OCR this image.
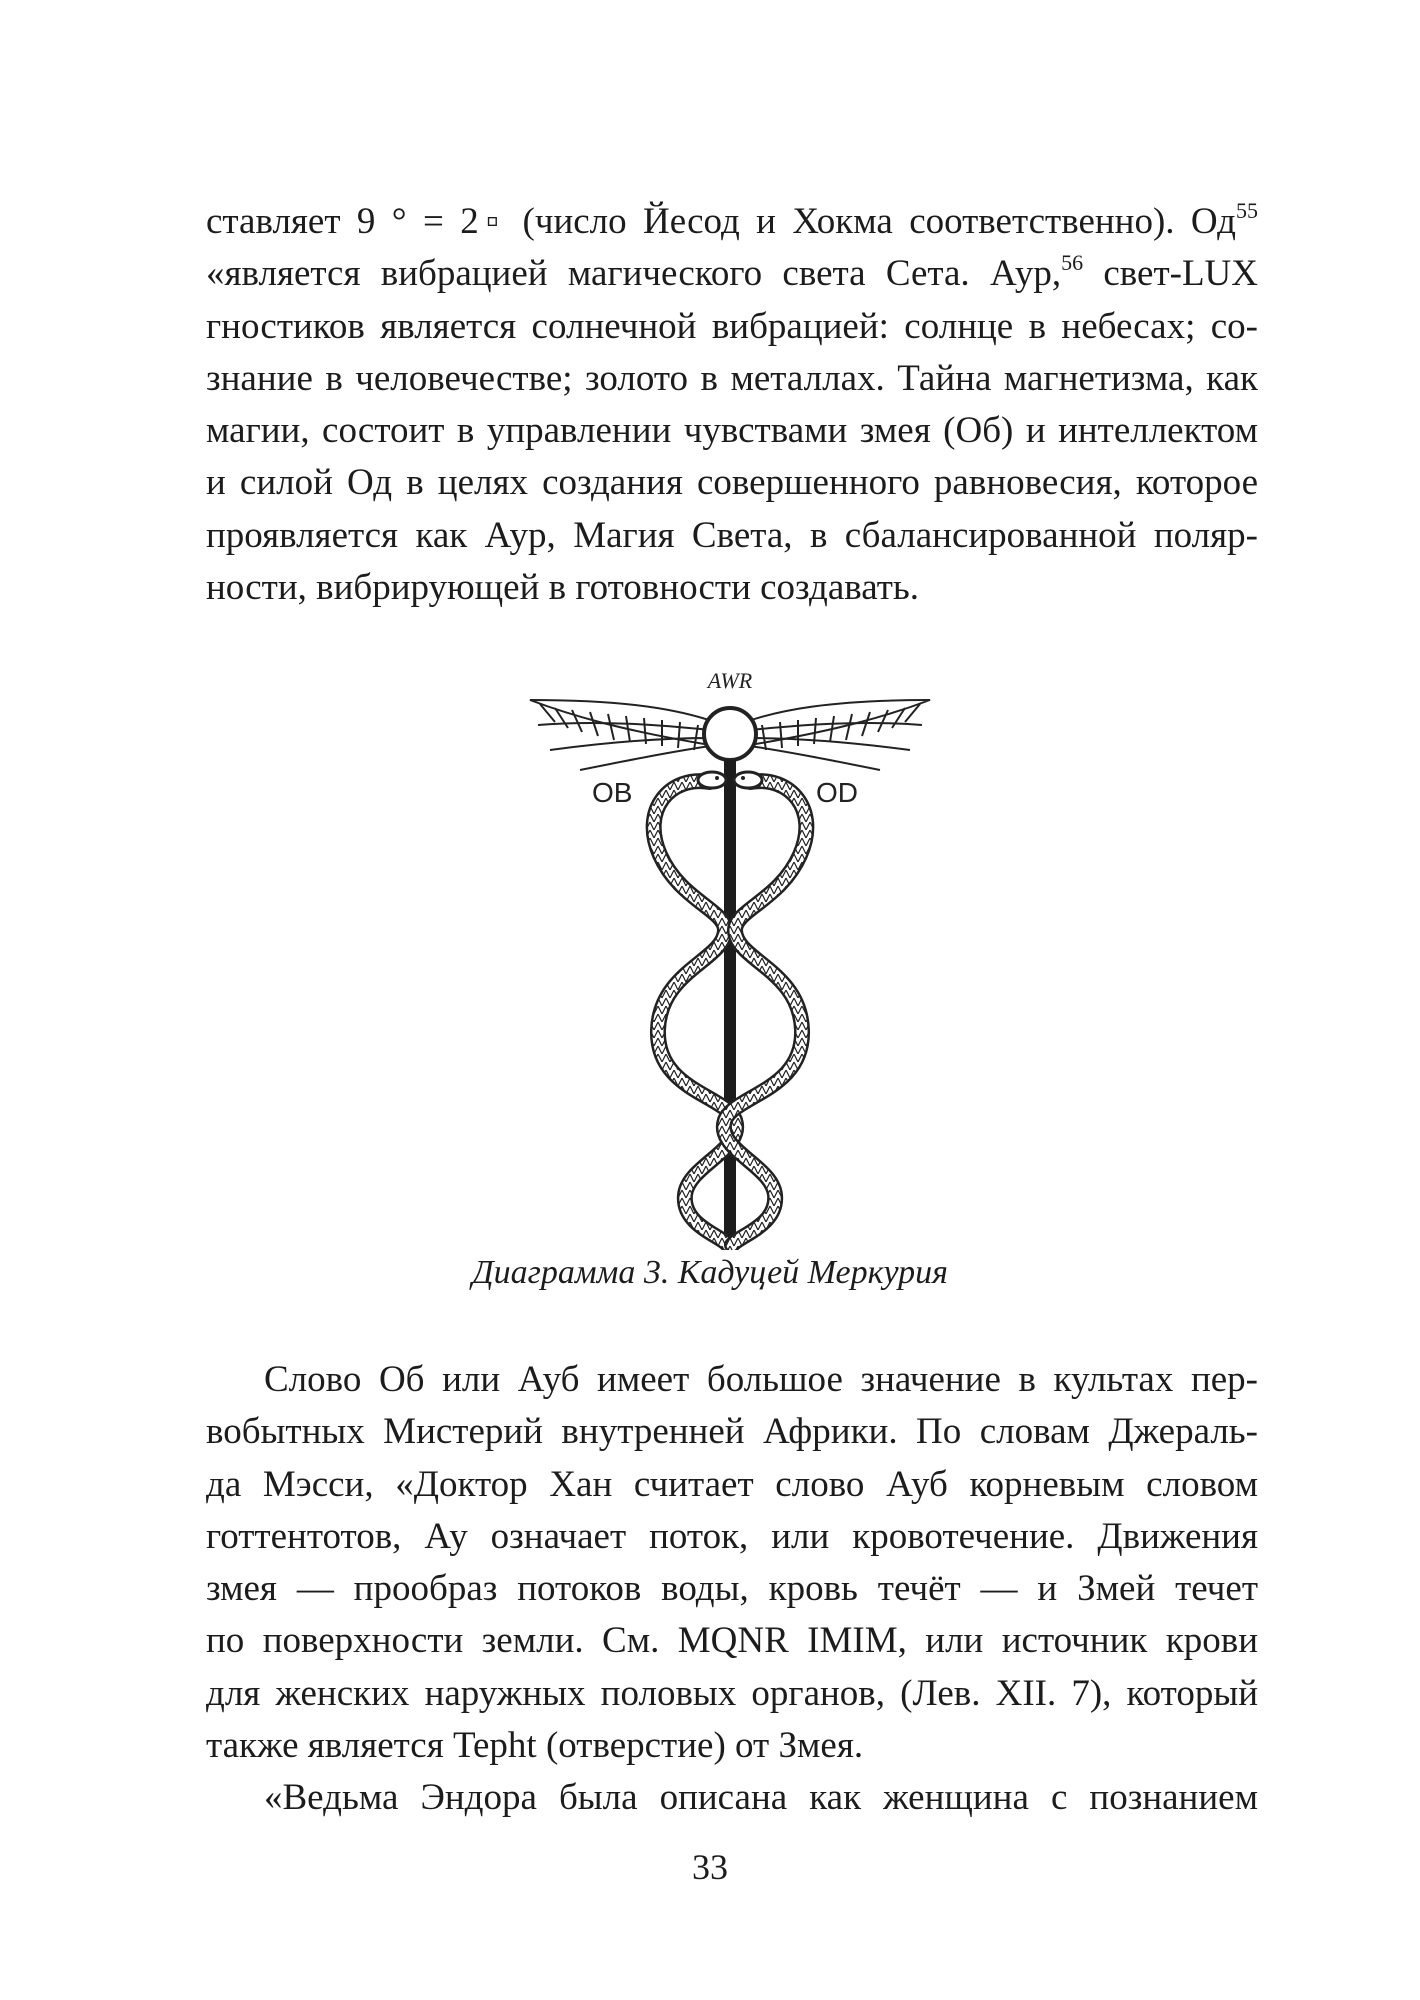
ставляет 9 ° = 2▫ (число Йесод и Хокма соответственно). $Од^{55}$
«является вибрацией магического света Сета. Аур,$^{56}$ свет-LUX
гностиков является солнечной вибрацией: солнце в небесах; со-
знание в человечестве; золото в металлах. Тайна магнетизма, как
магии, состоит в управлении чувствами змея (Об) и интеллектом
и силой Од в целях создания совершенного равновесия, которое
проявляется как Аур, Магия Света, в сбалансированной поляр-
ности, вибрирующей в готовности создавать.
AWR
OB	OD
Диаграмма 3. Кадуцей Меркурия
Слово Об или Ауб имеет большое значение в культах пер-
вобытных Мистерий внутренней Африки. По словам Джераль-
да Мэсси, «Доктор Хан считает слово Ауб корневым словом
готтентотов, Ау означает поток, или кровотечение. Движения
змея — прообраз потоков воды, кровь течёт — и Змей течет
по поверхности земли. См. MQNR IMIM, или источник крови
для женских наружных половых органов, (Лев. XII. 7), который
также является Tepht (отверстие) от Змея.
«Ведьма Эндора была описана как женщина с познанием
33
